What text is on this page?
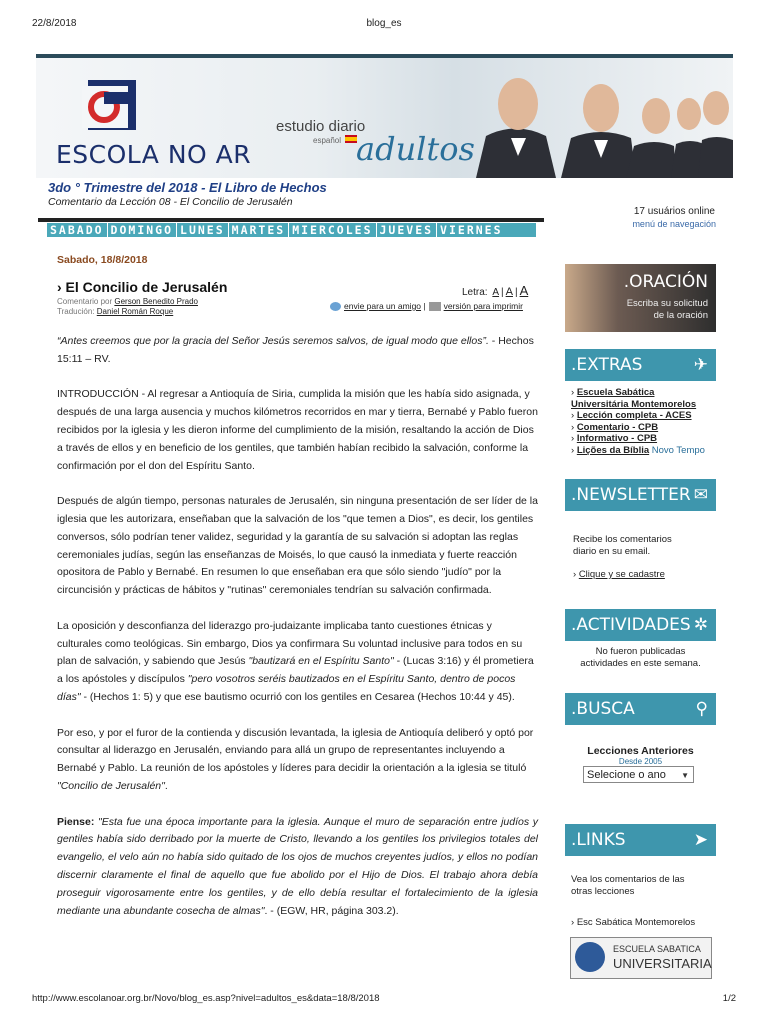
22/8/2018	blog_es
ESCOLA NO AR
estudio diario
español adultos
3do ° Trimestre del 2018 - El Libro de Hechos
Comentario da Lección 08 - El Concilio de Jerusalén
17 usuários online
menú de navegación
SABADO DOMINGO LUNES MARTES MIERCOLES JUEVES VIERNES
Sabado, 18/8/2018
› El Concilio de Jerusalén	Letra: A | A | A
Comentario por Gerson Benedito Prado
Tradución: Daniel Román Roque
envie para un amigo | versión para imprimir

“Antes creemos que por la gracia del Señor Jesús seremos salvos, de igual modo que ellos”. - Hechos 15:11 – RV.

INTRODUCCIÓN - Al regresar a Antioquía de Siria, cumplida la misión que les había sido asignada, y después de una larga ausencia y muchos kilómetros recorridos en mar y tierra, Bernabé y Pablo fueron recibidos por la iglesia y les dieron informe del cumplimiento de la misión, resaltando la acción de Dios a través de ellos y en beneficio de los gentiles, que también habían recibido la salvación, conforme la confirmación por el don del Espíritu Santo.

Después de algún tiempo, personas naturales de Jerusalén, sin ninguna presentación de ser líder de la iglesia que les autorizara, enseñaban que la salvación de los "que temen a Dios", es decir, los gentiles conversos, sólo podrían tener validez, seguridad y la garantía de su salvación si adoptan las reglas ceremoniales judías, según las enseñanzas de Moisés, lo que causó la inmediata y fuerte reacción opositora de Pablo y Bernabé. En resumen lo que enseñaban era que sólo siendo "judío" por la circuncisión y prácticas de hábitos y "rutinas" ceremoniales tendrían su salvación confirmada.

La oposición y desconfianza del liderazgo pro-judaizante implicaba tanto cuestiones étnicas y culturales como teológicas. Sin embargo, Dios ya confirmara Su voluntad inclusive para todos en su plan de salvación, y sabiendo que Jesús "bautizará en el Espíritu Santo" - (Lucas 3:16) y él prometiera a los apóstoles y discípulos "pero vosotros seréis bautizados en el Espíritu Santo, dentro de pocos días" - (Hechos 1: 5) y que ese bautismo ocurrió con los gentiles en Cesarea (Hechos 10:44 y 45).

Por eso, y por el furor de la contienda y discusión levantada, la iglesia de Antioquía deliberó y optó por consultar al liderazgo en Jerusalén, enviando para allá un grupo de representantes incluyendo a Bernabé y Pablo. La reunión de los apóstoles y líderes para decidir la orientación a la iglesia se tituló "Concilio de Jerusalén".

Piense: "Esta fue una época importante para la iglesia. Aunque el muro de separación entre judíos y gentiles había sido derribado por la muerte de Cristo, llevando a los gentiles los privilegios totales del evangelio, el velo aún no había sido quitado de los ojos de muchos creyentes judíos, y ellos no podían discernir claramente el final de aquello que fue abolido por el Hijo de Dios. El trabajo ahora debía proseguir vigorosamente entre los gentiles, y de ello debía resultar el fortalecimiento de la iglesia mediante una abundante cosecha de almas". - (EGW, HR, página 303.2).

.ORACIÓN
Escriba su solicitud
de la oración
.EXTRAS	✈
› Escuela Sabática
Universitária Montemorelos
› Lección completa - ACES
› Comentario - CPB
› Informativo - CPB
› Lições da Bíblia Novo Tempo
.NEWSLETTER ✉
Recibe los comentarios
diario en su email.
› Clique y se cadastre
.ACTIVIDADES ✲
No fueron publicadas
actividades en este semana.
.BUSCA	⚲
Lecciones Anteriores
Desde 2005
Selecione o ano ▼
.LINKS	➤
Vea los comentarios de las
otras lecciones
› Esc Sabática Montemorelos
ESCUELA SABATICA
UNIVERSITARIA
http://www.escolanoar.org.br/Novo/blog_es.asp?nivel=adultos_es&data=18/8/2018	1/2
